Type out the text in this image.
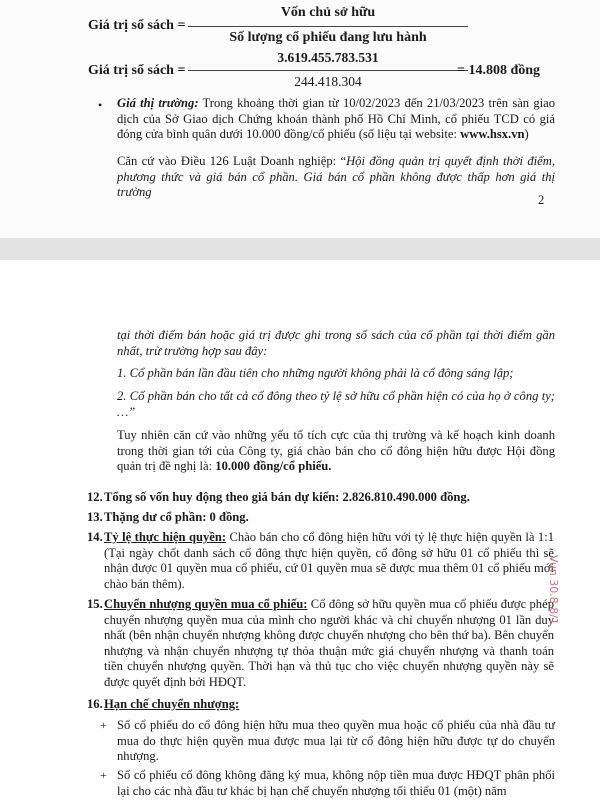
Giá trị sổ sách =
Vốn chủ sở hữu
Số lượng cổ phiếu đang lưu hành
Giá trị sổ sách =
3.619.455.783.531
244.418.304
= 14.808 đồng
• Giá thị trường: Trong khoảng thời gian từ 10/02/2023 đến 21/03/2023 trên sàn giao dịch của Sở Giao dịch Chứng khoán thành phố Hồ Chí Minh, cổ phiếu TCD có giá đóng cửa bình quân dưới 10.000 đồng/cổ phiếu (số liệu tại website: www.hsx.vn)
Căn cứ vào Điều 126 Luật Doanh nghiệp: “Hội đồng quản trị quyết định thời điểm, phương thức và giá bán cổ phần. Giá bán cổ phần không được thấp hơn giá thị trường
2
tại thời điểm bán hoặc giá trị được ghi trong sổ sách của cổ phần tại thời điểm gần nhất, trừ trường hợp sau đây:
1. Cổ phần bán lần đầu tiên cho những người không phải là cổ đông sáng lập;
2. Cổ phần bán cho tất cả cổ đông theo tỷ lệ sở hữu cổ phần hiện có của họ ở công ty; …”
Tuy nhiên căn cứ vào những yếu tố tích cực của thị trường và kế hoạch kinh doanh trong thời gian tới của Công ty, giá chào bán cho cổ đông hiện hữu được Hội đồng quản trị đề nghị là: 10.000 đồng/cổ phiếu.
12. Tổng số vốn huy động theo giá bán dự kiến: 2.826.810.490.000 đồng.
13. Thặng dư cổ phần: 0 đồng.
14. Tỷ lệ thực hiện quyền: Chào bán cho cổ đông hiện hữu với tỷ lệ thực hiện quyền là 1:1 (Tại ngày chốt danh sách cổ đông thực hiện quyền, cổ đông sở hữu 01 cổ phiếu thì sẽ nhận được 01 quyền mua cổ phiếu, cứ 01 quyền mua sẽ được mua thêm 01 cổ phiếu mới chào bán thêm).
15. Chuyển nhượng quyền mua cổ phiếu: Cổ đông sở hữu quyền mua cổ phiếu được phép chuyển nhượng quyền mua của mình cho người khác và chỉ chuyển nhượng 01 lần duy nhất (bên nhận chuyển nhượng không được chuyển nhượng cho bên thứ ba). Bên chuyển nhượng và nhận chuyển nhượng tự thỏa thuận mức giá chuyển nhượng và thanh toán tiền chuyển nhượng quyền. Thời hạn và thủ tục cho việc chuyển nhượng quyền này sẽ được quyết định bởi HĐQT.
16. Hạn chế chuyển nhượng:
+ Số cổ phiếu do cổ đông hiện hữu mua theo quyền mua hoặc cổ phiếu của nhà đầu tư mua do thực hiện quyền mua được mua lại từ cổ đông hiện hữu được tự do chuyển nhượng.
+ Số cổ phiếu cổ đông không đăng ký mua, không nộp tiền mua được HĐQT phân phối lại cho các nhà đầu tư khác bị hạn chế chuyển nhượng tối thiểu 01 (một) năm
Vun 30.8.8/1
